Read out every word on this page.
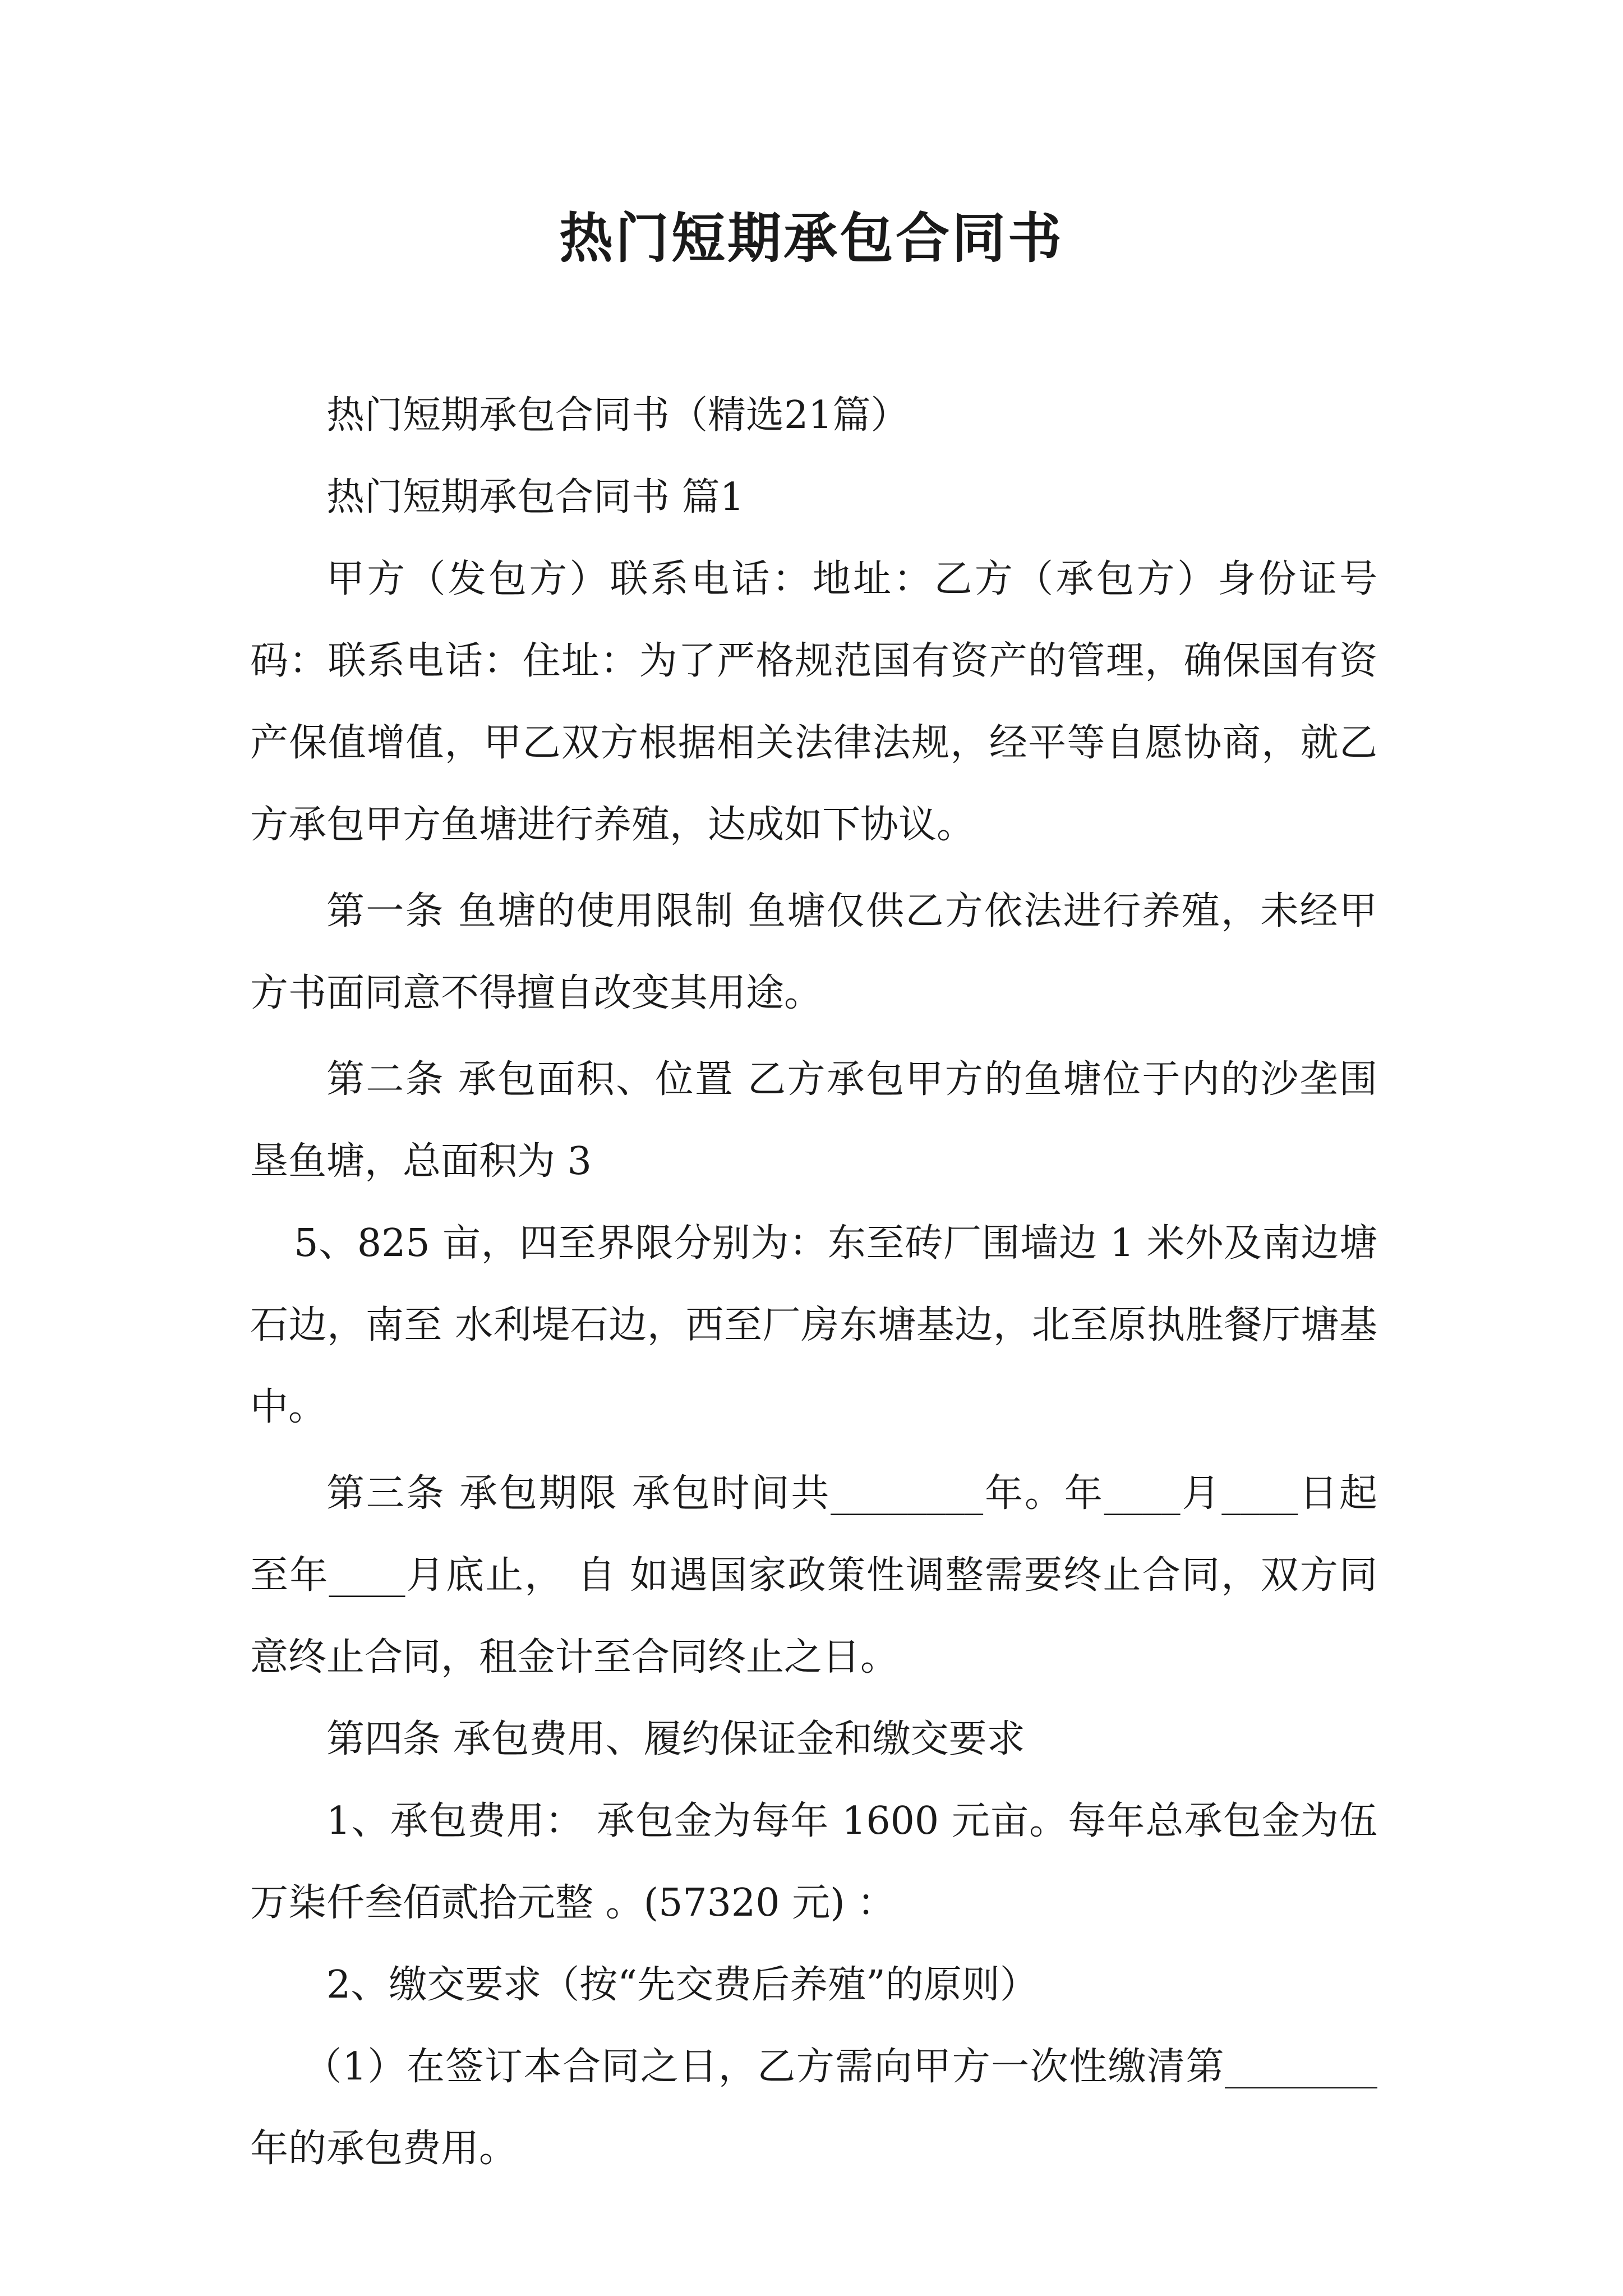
热门短期承包合同书

热门短期承包合同书（精选21篇）

热门短期承包合同书 篇1

甲方（发包方）联系电话：地址：乙方（承包方）身份证号码：联系电话：住址：为了严格规范国有资产的管理，确保国有资产保值增值，甲乙双方根据相关法律法规，经平等自愿协商，就乙方承包甲方鱼塘进行养殖，达成如下协议。

第一条 鱼塘的使用限制 鱼塘仅供乙方依法进行养殖，未经甲方书面同意不得擅自改变其用途。

第二条 承包面积、位置 乙方承包甲方的鱼塘位于内的沙垄围垦鱼塘，总面积为 3

5、825 亩，四至界限分别为：东至砖厂围墙边 1 米外及南边塘石边，南至 水利堤石边，西至厂房东塘基边，北至原执胜餐厅塘基中。

第三条 承包期限 承包时间共________年。年____月____日起至年____月底止， 自 如遇国家政策性调整需要终止合同，双方同意终止合同，租金计至合同终止之日。

第四条 承包费用、履约保证金和缴交要求

1、承包费用： 承包金为每年 1600 元亩。每年总承包金为伍万柒仟叁佰贰拾元整 。(57320 元) ：

2、缴交要求（按“先交费后养殖”的原则）

（1）在签订本合同之日，乙方需向甲方一次性缴清第________年的承包费用。
